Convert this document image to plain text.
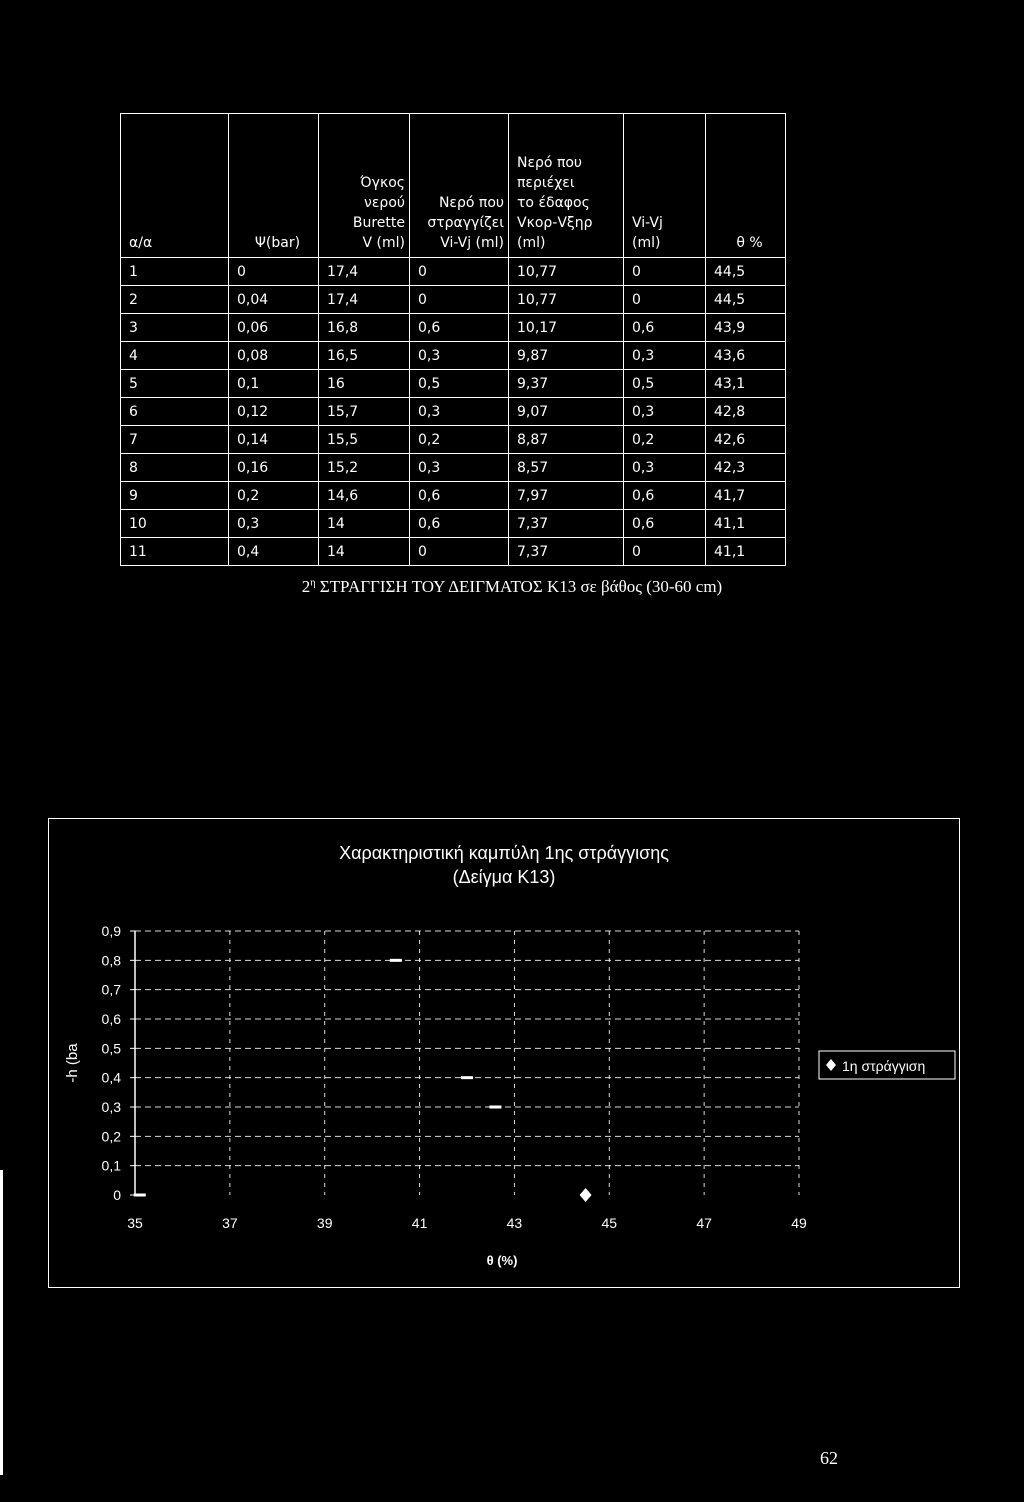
α/α	Ψ(bar)	Όγκος
νερού
Burette
V (ml)	Νερό που
στραγγίζει
Vi-Vj (ml)	Νερό που
περιέχει
το έδαφος
Vκορ-Vξηρ
(ml)	Vi-Vj
(ml)	θ %

1	0	17,4	0	10,77	0	44,5
2	0,04	17,4	0	10,77	0	44,5
3	0,06	16,8	0,6	10,17	0,6	43,9
4	0,08	16,5	0,3	9,87	0,3	43,6
5	0,1	16	0,5	9,37	0,5	43,1
6	0,12	15,7	0,3	9,07	0,3	42,8
7	0,14	15,5	0,2	8,87	0,2	42,6
8	0,16	15,2	0,3	8,57	0,3	42,3
9	0,2	14,6	0,6	7,97	0,6	41,7
10	0,3	14	0,6	7,37	0,6	41,1
11	0,4	14	0	7,37	0	41,1
$2^\eta$ ΣΤΡΑΓΓΙΣΗ ΤΟΥ ΔΕΙΓΜΑΤΟΣ Κ13 σε βάθος (30-60 cm)
Χαρακτηριστική καμπύλη 1ης στράγγισης
(Δείγμα Κ13)
0
0,1
0,2
0,3
0,4
0,5
0,6
0,7
0,8
0,9
35	37	39	41	43	45	47	49
θ (%)
-h (ba	1η στράγγιση
62
